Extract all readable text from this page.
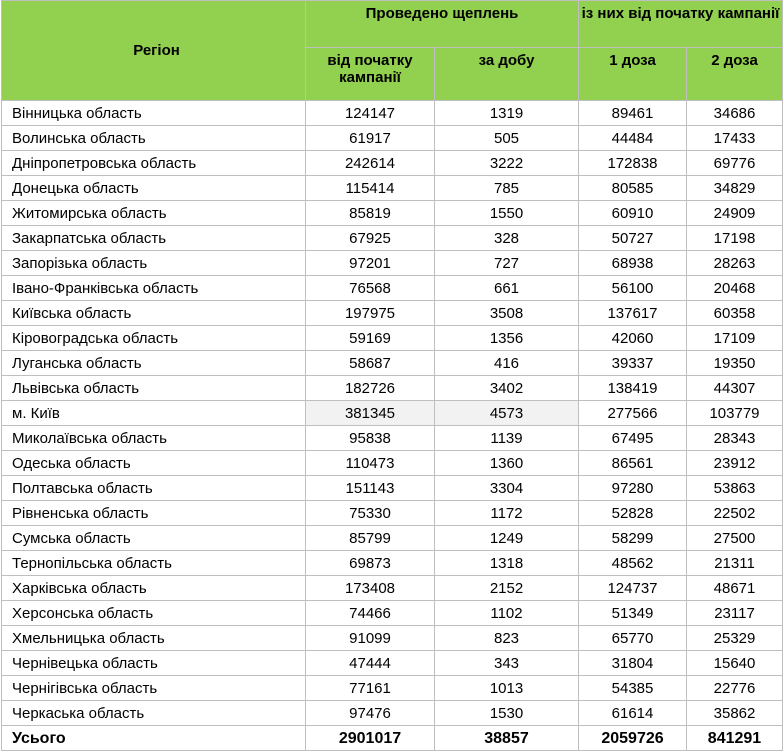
Регіон	Проведено щеплень		із них від початку кампанії	
	від початку кампанії	за добу	1 доза	2 доза
Вінницька область	124147	1319	89461	34686
Волинська область	61917	505	44484	17433
Дніпропетровська область	242614	3222	172838	69776
Донецька область	115414	785	80585	34829
Житомирська область	85819	1550	60910	24909
Закарпатська область	67925	328	50727	17198
Запорізька область	97201	727	68938	28263
Івано-Франківська область	76568	661	56100	20468
Київська область	197975	3508	137617	60358
Кіровоградська область	59169	1356	42060	17109
Луганська область	58687	416	39337	19350
Львівська область	182726	3402	138419	44307
м. Київ	381345	4573	277566	103779
Миколаївська область	95838	1139	67495	28343
Одеська область	110473	1360	86561	23912
Полтавська область	151143	3304	97280	53863
Рівненська область	75330	1172	52828	22502
Сумська область	85799	1249	58299	27500
Тернопільська область	69873	1318	48562	21311
Харківська область	173408	2152	124737	48671
Херсонська область	74466	1102	51349	23117
Хмельницька область	91099	823	65770	25329
Чернівецька область	47444	343	31804	15640
Чернігівська область	77161	1013	54385	22776
Черкаська область	97476	1530	61614	35862
Усього	2901017	38857	2059726	841291
